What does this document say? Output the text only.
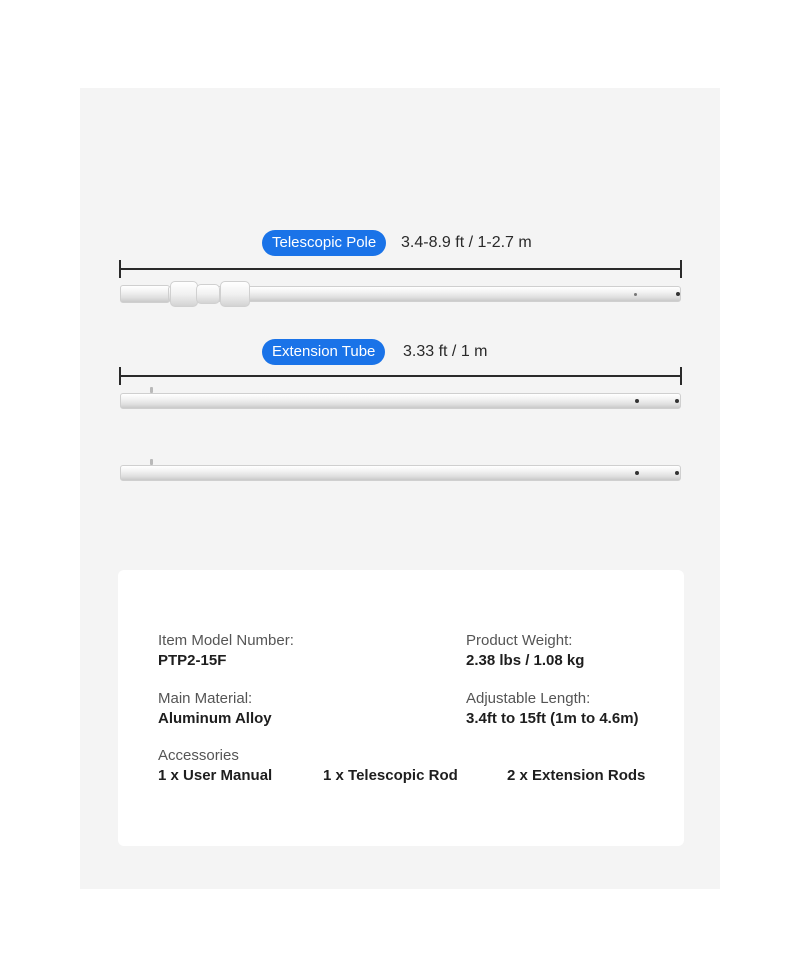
Telescopic Pole	3.4-8.9 ft / 1-2.7 m
Extension Tube	3.33 ft / 1 m
Item Model Number:
PTP2-15F
Product Weight:
2.38 lbs / 1.08 kg
Main Material:
Aluminum Alloy
Adjustable Length:
3.4ft to 15ft (1m to 4.6m)
Accessories
1 x User Manual	1 x Telescopic Rod	2 x Extension Rods
